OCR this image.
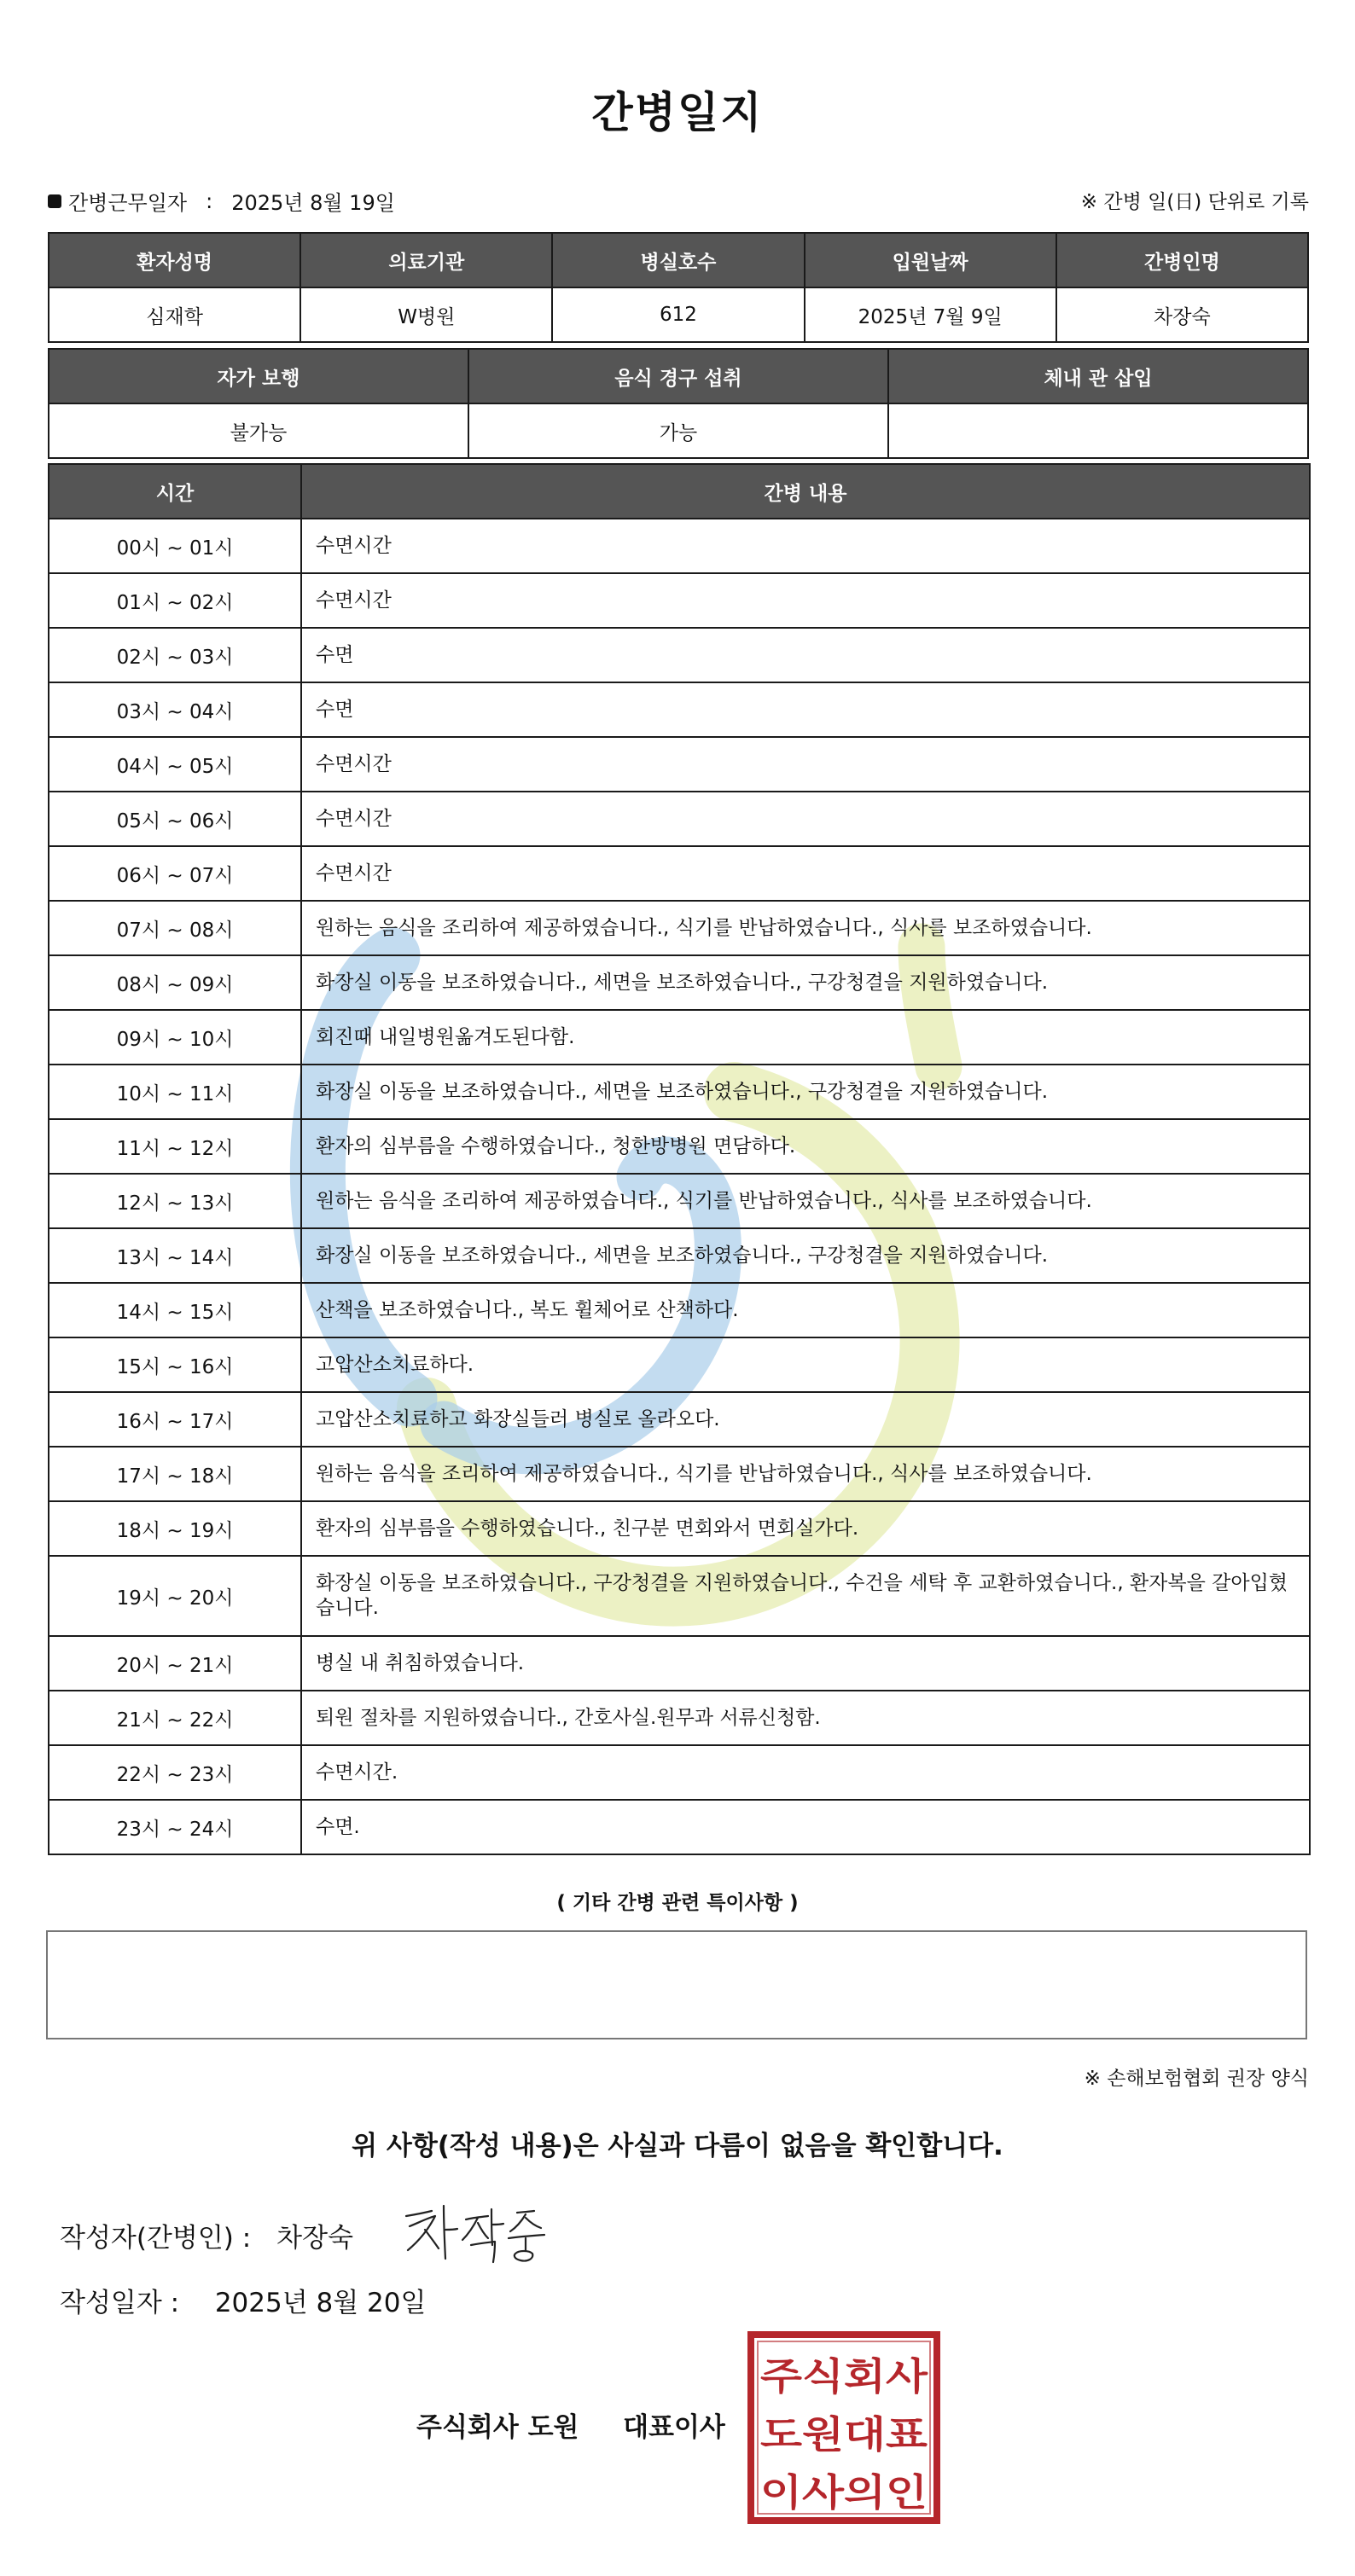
간병일지
간병근무일자 : 2025년 8월 19일	※ 간병 일(日) 단위로 기록
환자성명	의료기관	병실호수	입원날짜	간병인명
심재학	W병원	612	2025년 7월 9일	차장숙
자가 보행	음식 경구 섭취	체내 관 삽입
불가능	가능	
시간	간병 내용
00시 ~ 01시	수면시간
01시 ~ 02시	수면시간
02시 ~ 03시	수면
03시 ~ 04시	수면
04시 ~ 05시	수면시간
05시 ~ 06시	수면시간
06시 ~ 07시	수면시간
07시 ~ 08시	원하는 음식을 조리하여 제공하였습니다., 식기를 반납하였습니다., 식사를 보조하였습니다.
08시 ~ 09시	화장실 이동을 보조하였습니다., 세면을 보조하였습니다., 구강청결을 지원하였습니다.
09시 ~ 10시	회진때 내일병원옮겨도된다함.
10시 ~ 11시	화장실 이동을 보조하였습니다., 세면을 보조하였습니다., 구강청결을 지원하였습니다.
11시 ~ 12시	환자의 심부름을 수행하였습니다., 청한방병원 면담하다.
12시 ~ 13시	원하는 음식을 조리하여 제공하였습니다., 식기를 반납하였습니다., 식사를 보조하였습니다.
13시 ~ 14시	화장실 이동을 보조하였습니다., 세면을 보조하였습니다., 구강청결을 지원하였습니다.
14시 ~ 15시	산책을 보조하였습니다., 복도 휠체어로 산책하다.
15시 ~ 16시	고압산소치료하다.
16시 ~ 17시	고압산소치료하고 화장실들러 병실로 올라오다.
17시 ~ 18시	원하는 음식을 조리하여 제공하였습니다., 식기를 반납하였습니다., 식사를 보조하였습니다.
18시 ~ 19시	환자의 심부름을 수행하였습니다., 친구분 면회와서 면회실가다.
19시 ~ 20시	화장실 이동을 보조하였습니다., 구강청결을 지원하였습니다., 수건을 세탁 후 교환하였습니다., 환자복을 갈아입혔습니다.
20시 ~ 21시	병실 내 취침하였습니다.
21시 ~ 22시	퇴원 절차를 지원하였습니다., 간호사실.원무과 서류신청함.
22시 ~ 23시	수면시간.
23시 ~ 24시	수면.
( 기타 간병 관련 특이사항 )
※ 손해보험협회 권장 양식
위 사항(작성 내용)은 사실과 다름이 없음을 확인합니다.
작성자(간병인) : 차장숙
작성일자 : 2025년 8월 20일
주식회사 도원 대표이사
주식회사
도원대표
이사의인
